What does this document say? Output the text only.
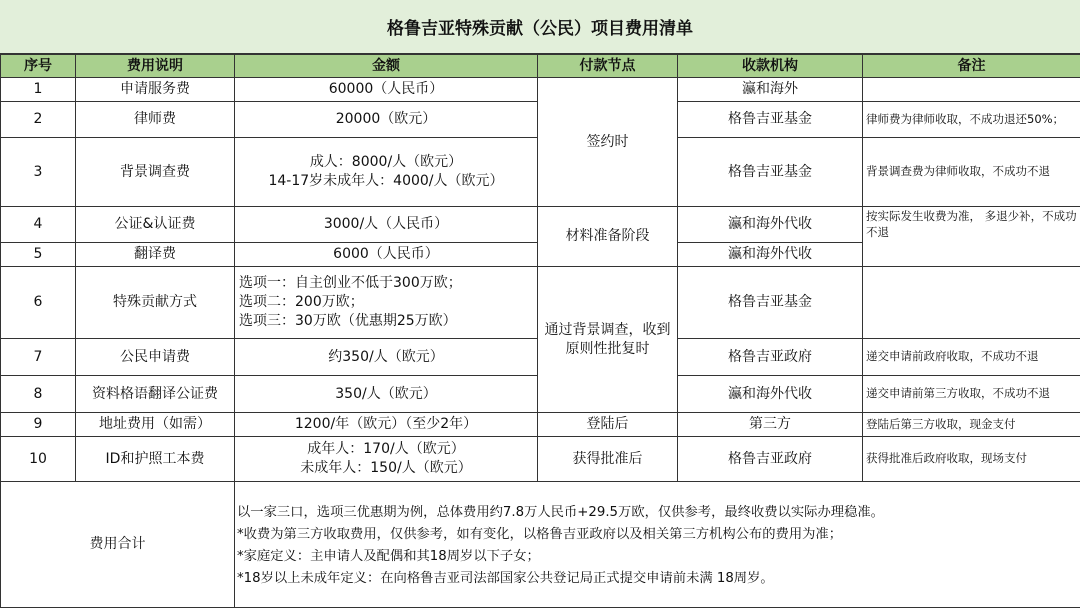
格鲁吉亚特殊贡献（公民）项目费用清单
序号	费用说明	金额	付款节点	收款机构	备注
1	申请服务费	60000（人民币）	签约时	瀛和海外	
2	律师费	20000（欧元）		格鲁吉亚基金	律师费为律师收取，不成功退还50%；
3	背景调查费	成人：8000/人（欧元）
14-17岁未成年人：4000/人（欧元）		格鲁吉亚基金	背景调查费为律师收取，不成功不退
4	公证&认证费	3000/人（人民币）	材料准备阶段	瀛和海外代收	按实际发生收费为准， 多退少补，不成功不退
5	翻译费	6000（人民币）		瀛和海外代收	
6	特殊贡献方式	选项一：自主创业不低于300万欧；
选项二：200万欧；
选项三：30万欧（优惠期25万欧）	通过背景调查，收到原则性批复时	格鲁吉亚基金	
7	公民申请费	约350/人（欧元）		格鲁吉亚政府	递交申请前政府收取，不成功不退
8	资料格语翻译公证费	350/人（欧元）		瀛和海外代收	递交申请前第三方收取，不成功不退
9	地址费用（如需）	1200/年（欧元）（至少2年）	登陆后	第三方	登陆后第三方收取，现金支付
10	ID和护照工本费	成年人：170/人（欧元）
未成年人：150/人（欧元）	获得批准后	格鲁吉亚政府	获得批准后政府收取，现场支付
费用合计		以一家三口，选项三优惠期为例，总体费用约7.8万人民币+29.5万欧，仅供参考，最终收费以实际办理稳准。
*收费为第三方收取费用，仅供参考，如有变化，以格鲁吉亚政府以及相关第三方机构公布的费用为准；
*家庭定义：主申请人及配偶和其18周岁以下子女；
*18岁以上未成年定义：在向格鲁吉亚司法部国家公共登记局正式提交申请前未满 18周岁。			
